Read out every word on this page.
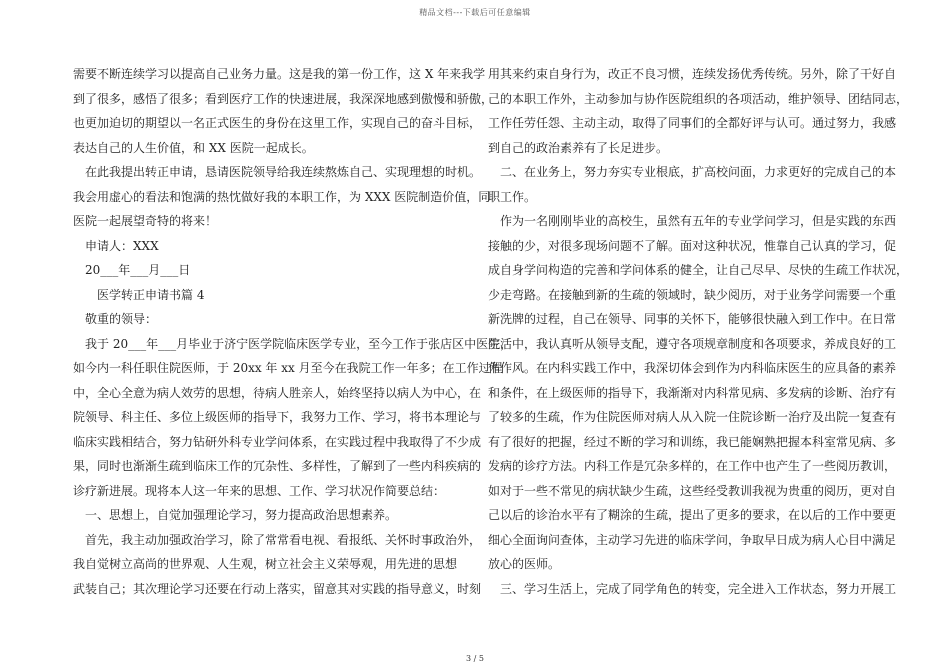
精品文档---下载后可任意编辑
需要不断连续学习以提高自己业务力量。这是我的第一份工作，这 X 年来我学
到了很多，感悟了很多；看到医疗工作的快速进展，我深深地感到傲慢和骄傲，
也更加迫切的期望以一名正式医生的身份在这里工作，实现自己的奋斗目标，
表达自己的人生价值，和 XX 医院一起成长。
　在此我提出转正申请，恳请医院领导给我连续熬炼自己、实现理想的时机。
我会用虚心的看法和饱满的热忱做好我的本职工作，为 XXX 医院制造价值，同
医院一起展望奇特的将来！
　申请人：XXX
　20___年___月___日
　　医学转正申请书篇 4
　敬重的领导：
　我于 20___年___月毕业于济宁医学院临床医学专业，至今工作于张店区中医院，
如今内一科任职住院医师，于 20xx 年 xx 月至今在我院工作一年多；在工作过程
中，全心全意为病人效劳的思想，待病人胜亲人，始终坚持以病人为中心，在
院领导、科主任、多位上级医师的指导下，我努力工作、学习，将书本理论与
临床实践相结合，努力钻研外科专业学问体系，在实践过程中我取得了不少成
果，同时也渐渐生疏到临床工作的冗杂性、多样性，了解到了一些内科疾病的
诊疗新进展。现将本人这一年来的思想、工作、学习状况作简要总结：
　一、思想上，自觉加强理论学习，努力提高政治思想素养。
　首先，我主动加强政治学习，除了常常看电视、看报纸、关怀时事政治外，
我自觉树立高尚的世界观、人生观，树立社会主义荣辱观，用先进的思想
武装自己；其次理论学习还要在行动上落实，留意其对实践的指导意义，时刻
用其来约束自身行为，改正不良习惯，连续发扬优秀传统。另外，除了干好自
己的本职工作外，主动参加与协作医院组织的各项活动，维护领导、团结同志，
工作任劳任怨、主动主动，取得了同事们的全都好评与认可。通过努力，我感
到自己的政治素养有了长足进步。
　二、在业务上，努力夯实专业根底，扩高校问面，力求更好的完成自己的本
职工作。
　作为一名刚刚毕业的高校生，虽然有五年的专业学问学习，但是实践的东西
接触的少，对很多现场问题不了解。面对这种状况，惟靠自己认真的学习，促
成自身学问构造的完善和学问体系的健全，让自己尽早、尽快的生疏工作状况，
少走弯路。在接触到新的生疏的领域时，缺少阅历，对于业务学问需要一个重
新洗牌的过程，自己在领导、同事的关怀下，能够很快融入到工作中。在日常
生活中，我认真听从领导支配，遵守各项规章制度和各项要求，养成良好的工
作作风。在内科实践工作中，我深切体会到作为内科临床医生的应具备的素养
和条件，在上级医师的指导下，我渐渐对内科常见病、多发病的诊断、治疗有
了较多的生疏，作为住院医师对病人从入院一住院诊断一治疗及出院一复查有
有了很好的把握，经过不断的学习和训练，我已能娴熟把握本科室常见病、多
发病的诊疗方法。内科工作是冗杂多样的，在工作中也产生了一些阅历教训，
如对于一些不常见的病状缺少生疏，这些经受教训我视为贵重的阅历，更对自
己以后的诊治水平有了糊涂的生疏，提出了更多的要求，在以后的工作中要更
细心全面询问查体，主动学习先进的临床学问，争取早日成为病人心目中满足
放心的医师。
　三、学习生活上，完成了同学角色的转变，完全进入工作状态，努力开展工
3 / 5
